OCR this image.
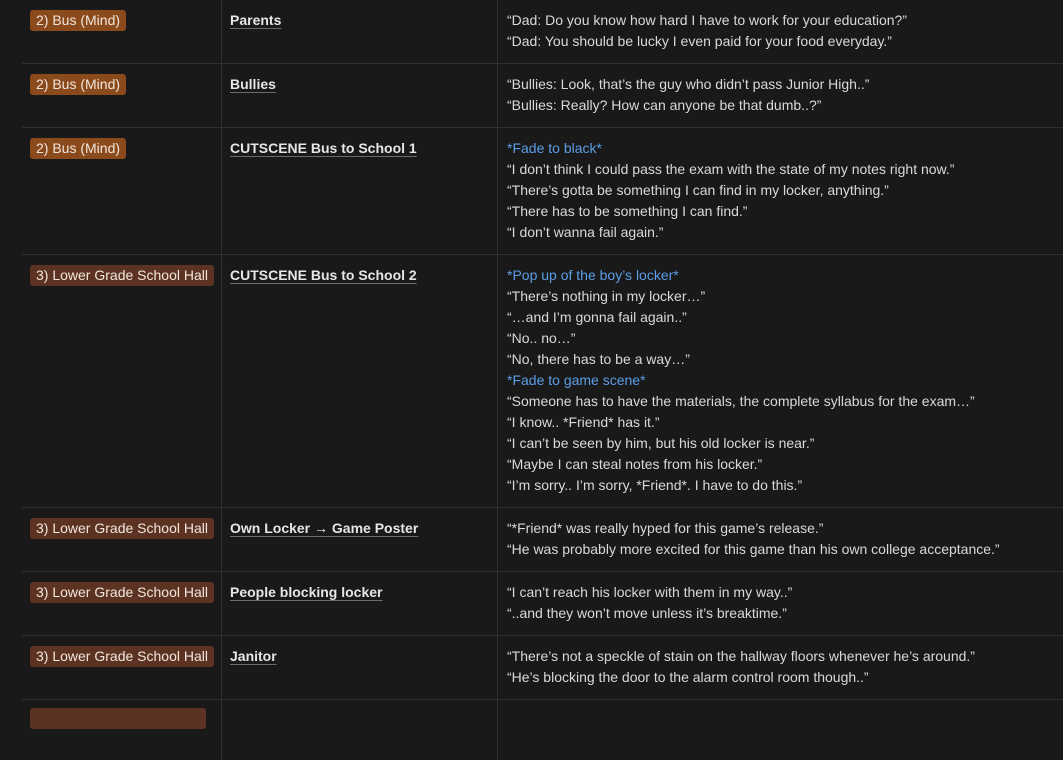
2) Bus (Mind)	Parents	“Dad: Do you know how hard I have to work for your education?”
“Dad: You should be lucky I even paid for your food everyday.”
2) Bus (Mind)	Bullies	“Bullies: Look, that’s the guy who didn’t pass Junior High..”
“Bullies: Really? How can anyone be that dumb..?”
2) Bus (Mind)	CUTSCENE Bus to School 1	*Fade to black*
“I don’t think I could pass the exam with the state of my notes right now.”
“There’s gotta be something I can find in my locker, anything.”
“There has to be something I can find.”
“I don’t wanna fail again.”
3) Lower Grade School Hall	CUTSCENE Bus to School 2	*Pop up of the boy’s locker*
“There’s nothing in my locker…”
“…and I’m gonna fail again..”
“No.. no…”
“No, there has to be a way…”
*Fade to game scene*
“Someone has to have the materials, the complete syllabus for the exam…”
“I know.. *Friend* has it.”
“I can’t be seen by him, but his old locker is near.”
“Maybe I can steal notes from his locker.”
“I’m sorry.. I’m sorry, *Friend*. I have to do this.”
3) Lower Grade School Hall	Own Locker → Game Poster	“*Friend* was really hyped for this game’s release.”
“He was probably more excited for this game than his own college acceptance.”
3) Lower Grade School Hall	People blocking locker	“I can’t reach his locker with them in my way..”
“..and they won’t move unless it’s breaktime.”
3) Lower Grade School Hall	Janitor	“There’s not a speckle of stain on the hallway floors whenever he’s around.”
“He’s blocking the door to the alarm control room though..”
